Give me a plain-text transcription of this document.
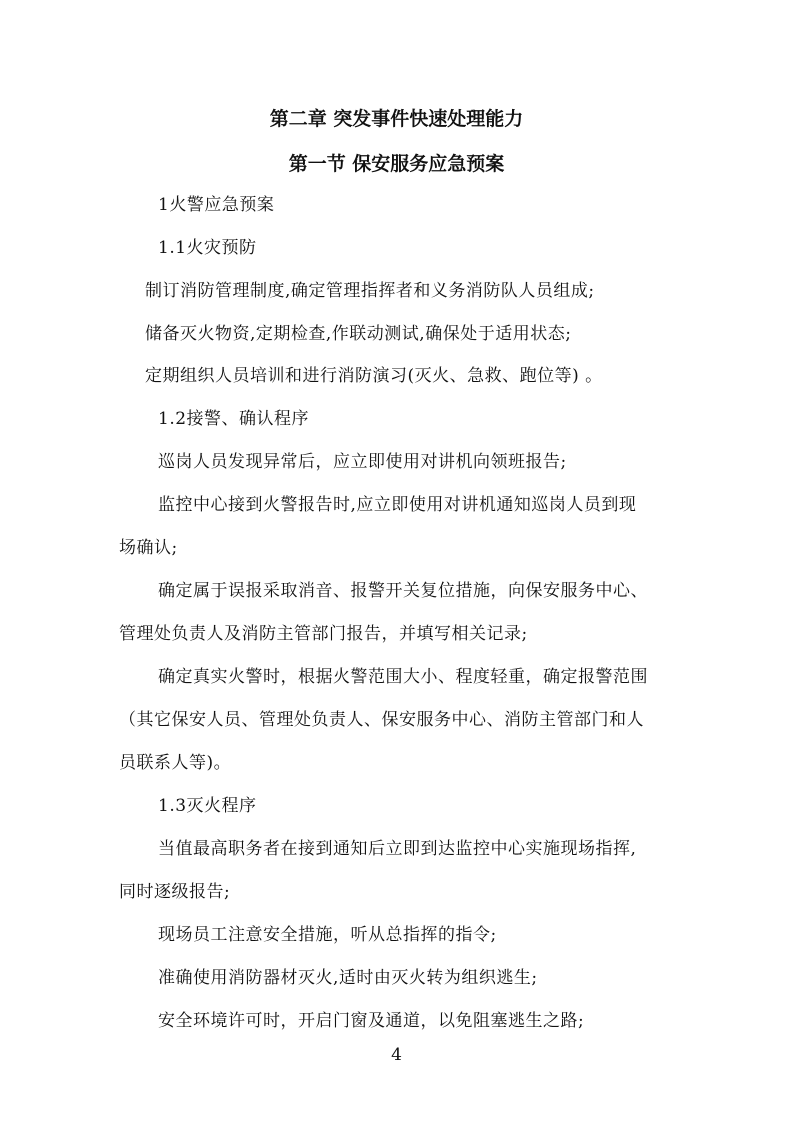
第二章 突发事件快速处理能力
第一节 保安服务应急预案
1火警应急预案
1.1火灾预防
制订消防管理制度,确定管理指挥者和义务消防队人员组成;
储备灭火物资,定期检查,作联动测试,确保处于适用状态;
定期组织人员培训和进行消防演习(灭火、急救、跑位等) 。
1.2接警、确认程序
巡岗人员发现异常后，应立即使用对讲机向领班报告;
监控中心接到火警报告时,应立即使用对讲机通知巡岗人员到现
场确认;
确定属于误报采取消音、报警开关复位措施，向保安服务中心、
管理处负责人及消防主管部门报告，并填写相关记录;
确定真实火警时，根据火警范围大小、程度轻重，确定报警范围
（其它保安人员、管理处负责人、保安服务中心、消防主管部门和人
员联系人等)。
1.3灭火程序
当值最高职务者在接到通知后立即到达监控中心实施现场指挥,
同时逐级报告;
现场员工注意安全措施，听从总指挥的指令;
准确使用消防器材灭火,适时由灭火转为组织逃生;
安全环境许可时，开启门窗及通道，以免阻塞逃生之路;
4
